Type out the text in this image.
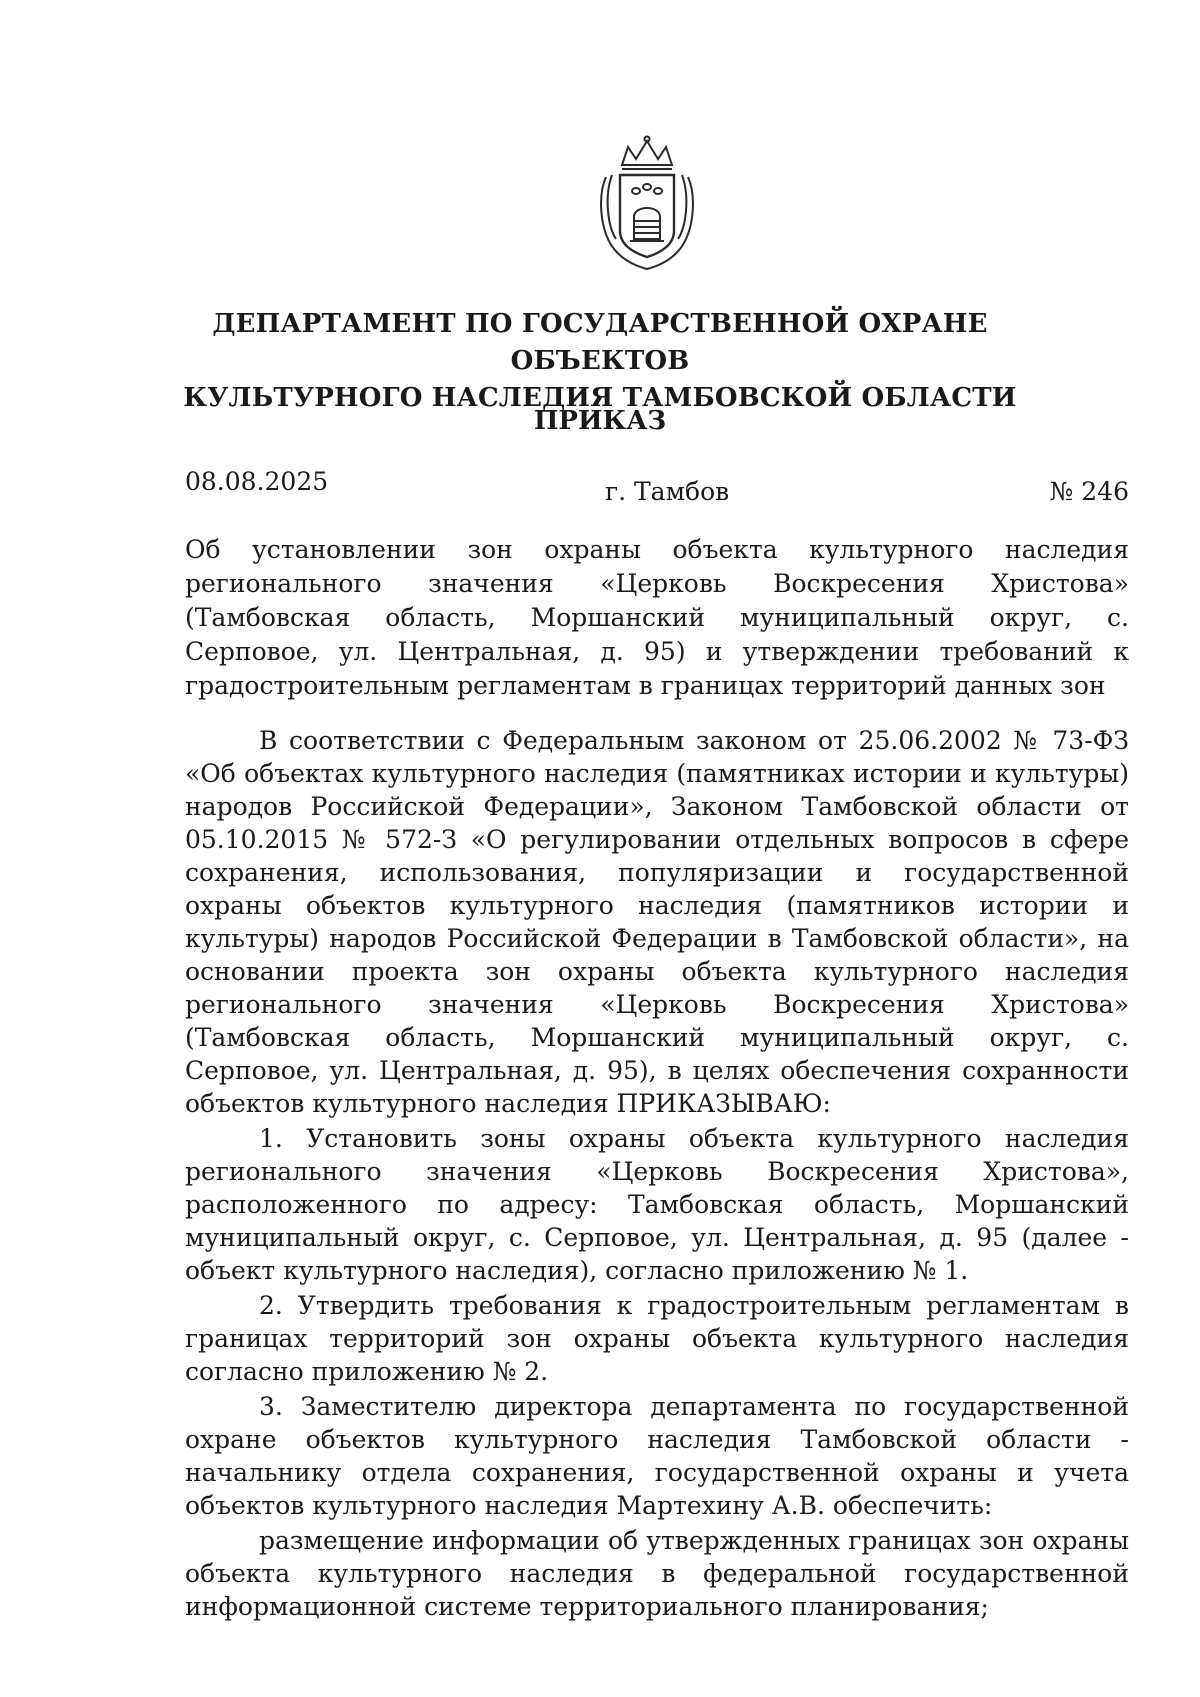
ДЕПАРТАМЕНТ ПО ГОСУДАРСТВЕННОЙ ОХРАНЕ ОБЪЕКТОВ
КУЛЬТУРНОГО НАСЛЕДИЯ ТАМБОВСКОЙ ОБЛАСТИ
ПРИКАЗ
08.08.2025	г. Тамбов	№ 246
Об установлении зон охраны объекта культурного наследия регионального значения «Церковь Воскресения Христова» (Тамбовская область, Моршанский муниципальный округ, с. Серповое, ул. Центральная, д. 95) и утверждении требований к градостроительным регламентам в границах территорий данных зон

В соответствии с Федеральным законом от 25.06.2002 № 73-ФЗ «Об объектах культурного наследия (памятниках истории и культуры) народов Российской Федерации», Законом Тамбовской области от 05.10.2015 № 572-З «О регулировании отдельных вопросов в сфере сохранения, использования, популяризации и государственной охраны объектов культурного наследия (памятников истории и культуры) народов Российской Федерации в Тамбовской области», на основании проекта зон охраны объекта культурного наследия регионального значения «Церковь Воскресения Христова» (Тамбовская область, Моршанский муниципальный округ, с. Серповое, ул. Центральная, д. 95), в целях обеспечения сохранности объектов культурного наследия ПРИКАЗЫВАЮ:

1. Установить зоны охраны объекта культурного наследия регионального значения «Церковь Воскресения Христова», расположенного по адресу: Тамбовская область, Моршанский муниципальный округ, с. Серповое, ул. Центральная, д. 95 (далее - объект культурного наследия), согласно приложению № 1.

2. Утвердить требования к градостроительным регламентам в границах территорий зон охраны объекта культурного наследия согласно приложению № 2.

3. Заместителю директора департамента по государственной охране объектов культурного наследия Тамбовской области - начальнику отдела сохранения, государственной охраны и учета объектов культурного наследия Мартехину А.В. обеспечить:

размещение информации об утвержденных границах зон охраны объекта культурного наследия в федеральной государственной информационной системе территориального планирования;
